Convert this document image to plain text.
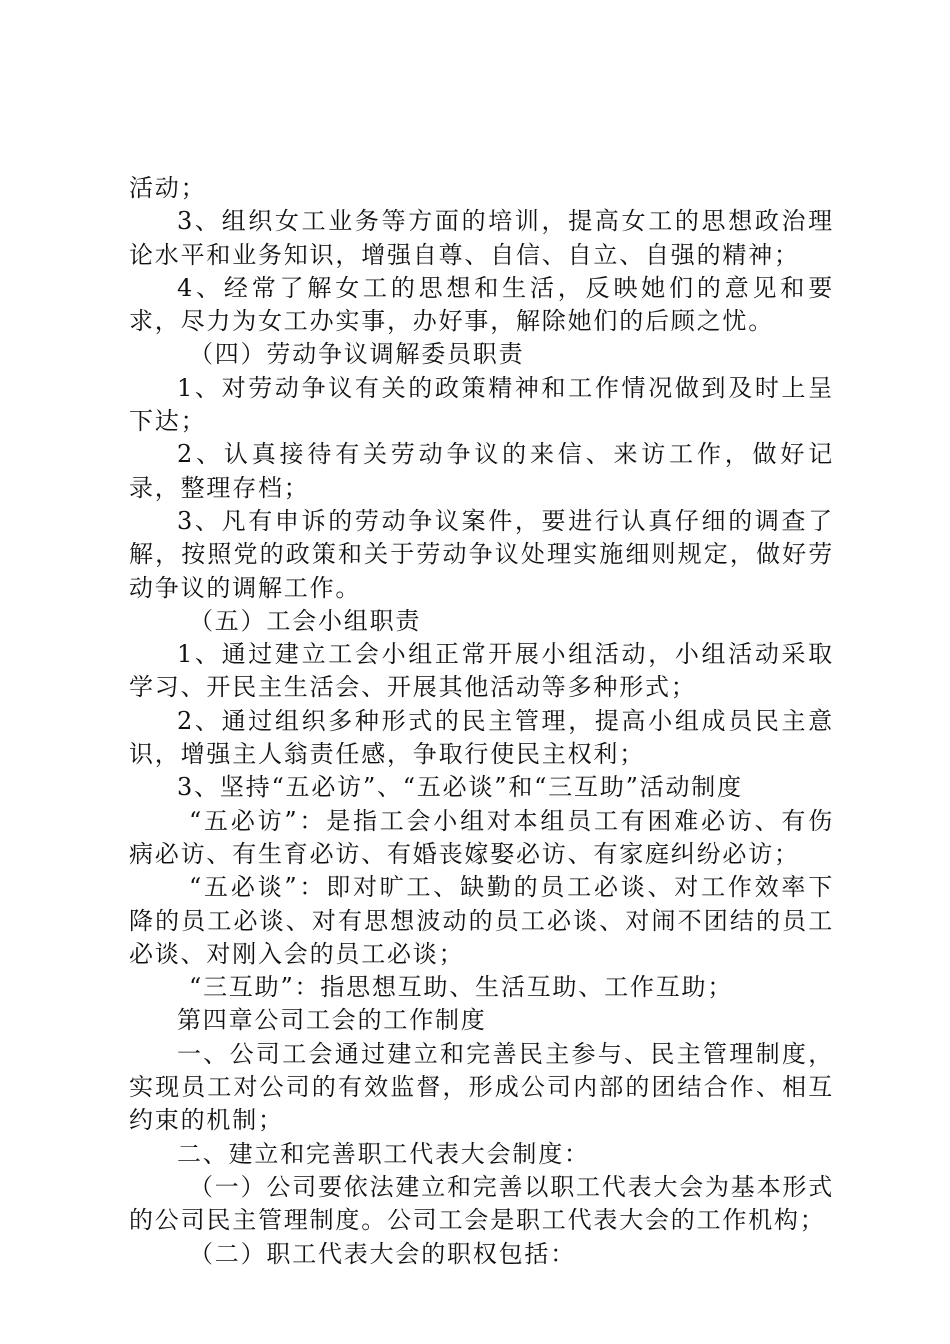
活动；

3、组织女工业务等方面的培训，提高女工的思想政治理论水平和业务知识，增强自尊、自信、自立、自强的精神；

4、经常了解女工的思想和生活，反映她们的意见和要求，尽力为女工办实事，办好事，解除她们的后顾之忧。

（四）劳动争议调解委员职责

1、对劳动争议有关的政策精神和工作情况做到及时上呈下达；

2、认真接待有关劳动争议的来信、来访工作，做好记录，整理存档；

3、凡有申诉的劳动争议案件，要进行认真仔细的调查了解，按照党的政策和关于劳动争议处理实施细则规定，做好劳动争议的调解工作。

（五）工会小组职责

1、通过建立工会小组正常开展小组活动，小组活动采取学习、开民主生活会、开展其他活动等多种形式；

2、通过组织多种形式的民主管理，提高小组成员民主意识，增强主人翁责任感，争取行使民主权利；

3、坚持“五必访”、“五必谈”和“三互助”活动制度

“五必访”：是指工会小组对本组员工有困难必访、有伤病必访、有生育必访、有婚丧嫁娶必访、有家庭纠纷必访；

“五必谈”：即对旷工、缺勤的员工必谈、对工作效率下降的员工必谈、对有思想波动的员工必谈、对闹不团结的员工必谈、对刚入会的员工必谈；

“三互助”：指思想互助、生活互助、工作互助；

第四章公司工会的工作制度

一、公司工会通过建立和完善民主参与、民主管理制度，实现员工对公司的有效监督，形成公司内部的团结合作、相互约束的机制；

二、建立和完善职工代表大会制度：

（一）公司要依法建立和完善以职工代表大会为基本形式的公司民主管理制度。公司工会是职工代表大会的工作机构；

（二）职工代表大会的职权包括：
